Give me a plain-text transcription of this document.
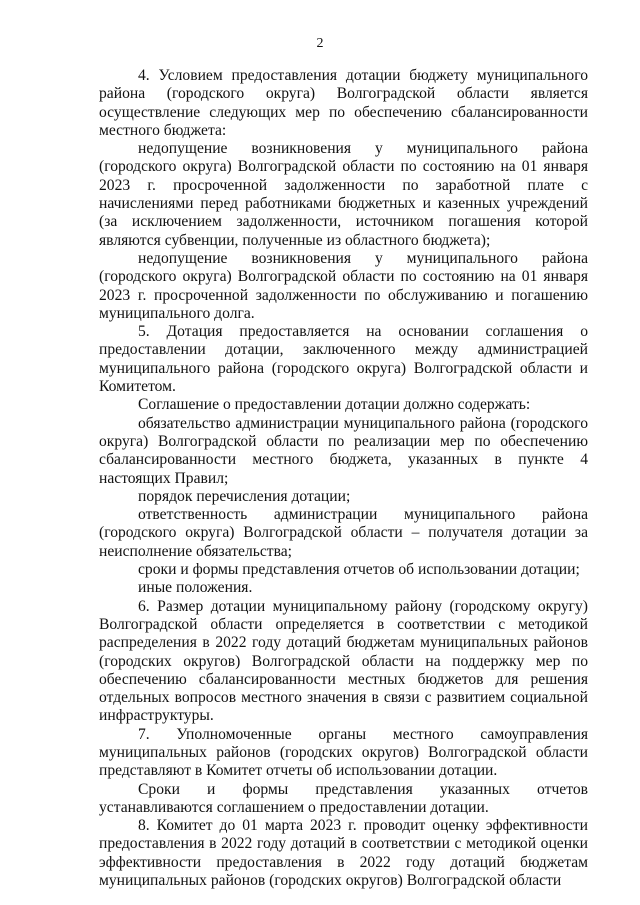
2

4. Условием предоставления дотации бюджету муниципального района (городского округа) Волгоградской области является осуществление следующих мер по обеспечению сбалансированности местного бюджета:

недопущение возникновения у муниципального района (городского округа) Волгоградской области по состоянию на 01 января 2023 г. просроченной задолженности по заработной плате с начислениями перед работниками бюджетных и казенных учреждений (за исключением задолженности, источником погашения которой являются субвенции, полученные из областного бюджета);

недопущение возникновения у муниципального района (городского округа) Волгоградской области по состоянию на 01 января 2023 г. просроченной задолженности по обслуживанию и погашению муниципального долга.

5. Дотация предоставляется на основании соглашения о предоставлении дотации, заключенного между администрацией муниципального района (городского округа) Волгоградской области и Комитетом.

Соглашение о предоставлении дотации должно содержать:

обязательство администрации муниципального района (городского округа) Волгоградской области по реализации мер по обеспечению сбалансированности местного бюджета, указанных в пункте 4 настоящих Правил;

порядок перечисления дотации;

ответственность администрации муниципального района (городского округа) Волгоградской области – получателя дотации за неисполнение обязательства;

сроки и формы представления отчетов об использовании дотации;

иные положения.

6. Размер дотации муниципальному району (городскому округу) Волгоградской области определяется в соответствии с методикой распределения в 2022 году дотаций бюджетам муниципальных районов (городских округов) Волгоградской области на поддержку мер по обеспечению сбалансированности местных бюджетов для решения отдельных вопросов местного значения в связи с развитием социальной инфраструктуры.

7. Уполномоченные органы местного самоуправления муниципальных районов (городских округов) Волгоградской области представляют в Комитет отчеты об использовании дотации.

Сроки и формы представления указанных отчетов устанавливаются соглашением о предоставлении дотации.

8. Комитет до 01 марта 2023 г. проводит оценку эффективности предоставления в 2022 году дотаций в соответствии с методикой оценки эффективности предоставления в 2022 году дотаций бюджетам муниципальных районов (городских округов) Волгоградской области
